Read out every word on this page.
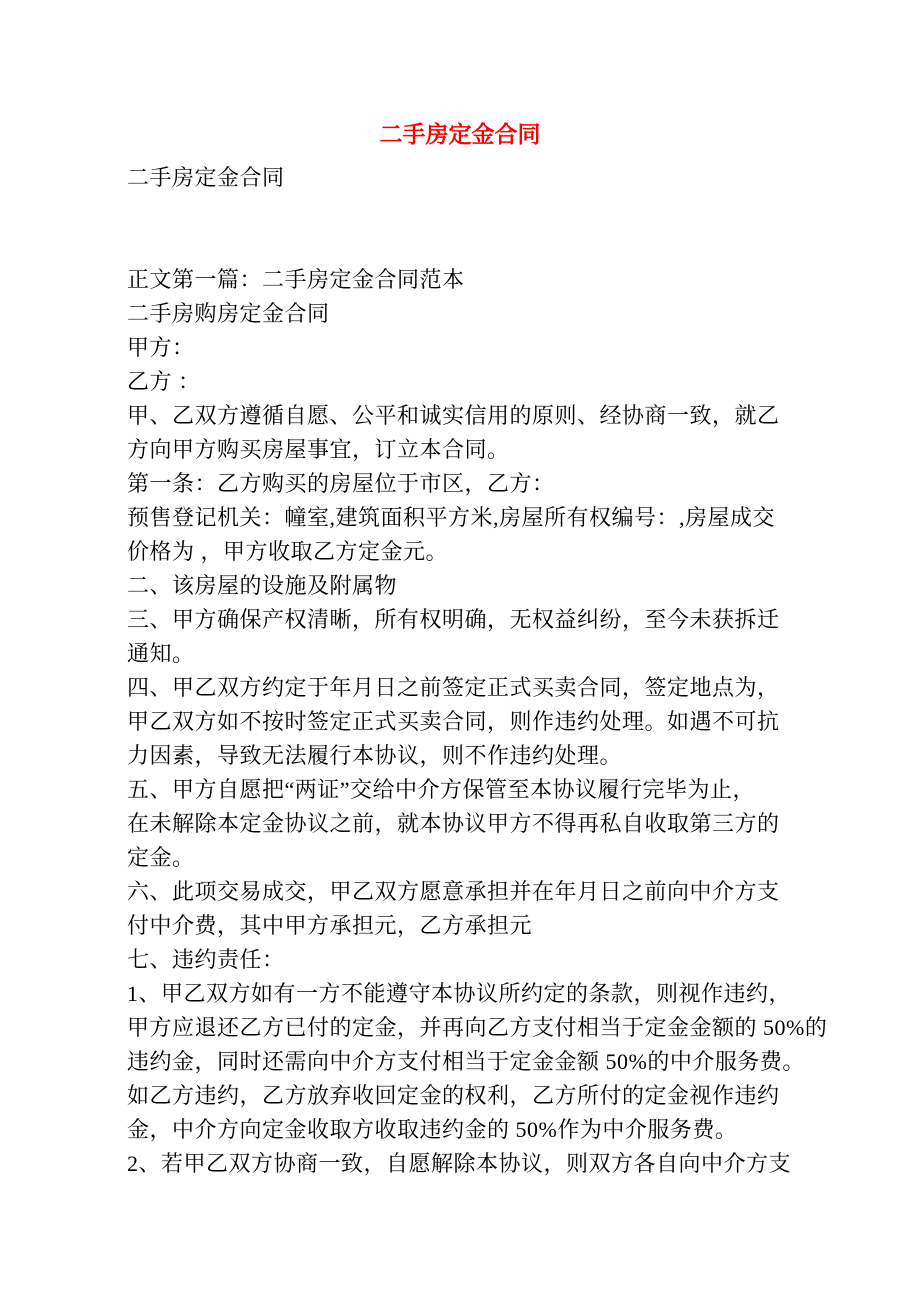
二手房定金合同
二手房定金合同
正文第一篇：二手房定金合同范本
二手房购房定金合同
甲方：
乙方 ：
甲、乙双方遵循自愿、公平和诚实信用的原则、经协商一致，就乙
方向甲方购买房屋事宜，订立本合同。
第一条：乙方购买的房屋位于市区，乙方：
预售登记机关：幢室,建筑面积平方米,房屋所有权编号：,房屋成交
价格为 ，甲方收取乙方定金元。
二、该房屋的设施及附属物
三、甲方确保产权清晰，所有权明确，无权益纠纷，至今未获拆迁
通知。
四、甲乙双方约定于年月日之前签定正式买卖合同，签定地点为，
甲乙双方如不按时签定正式买卖合同，则作违约处理。如遇不可抗
力因素，导致无法履行本协议，则不作违约处理。
五、甲方自愿把“两证”交给中介方保管至本协议履行完毕为止，
在未解除本定金协议之前，就本协议甲方不得再私自收取第三方的
定金。
六、此项交易成交，甲乙双方愿意承担并在年月日之前向中介方支
付中介费，其中甲方承担元，乙方承担元
七、违约责任：
1、甲乙双方如有一方不能遵守本协议所约定的条款，则视作违约，
甲方应退还乙方已付的定金，并再向乙方支付相当于定金金额的 50%的
违约金，同时还需向中介方支付相当于定金金额 50%的中介服务费。
如乙方违约，乙方放弃收回定金的权利，乙方所付的定金视作违约
金，中介方向定金收取方收取违约金的 50%作为中介服务费。
2、若甲乙双方协商一致，自愿解除本协议，则双方各自向中介方支
